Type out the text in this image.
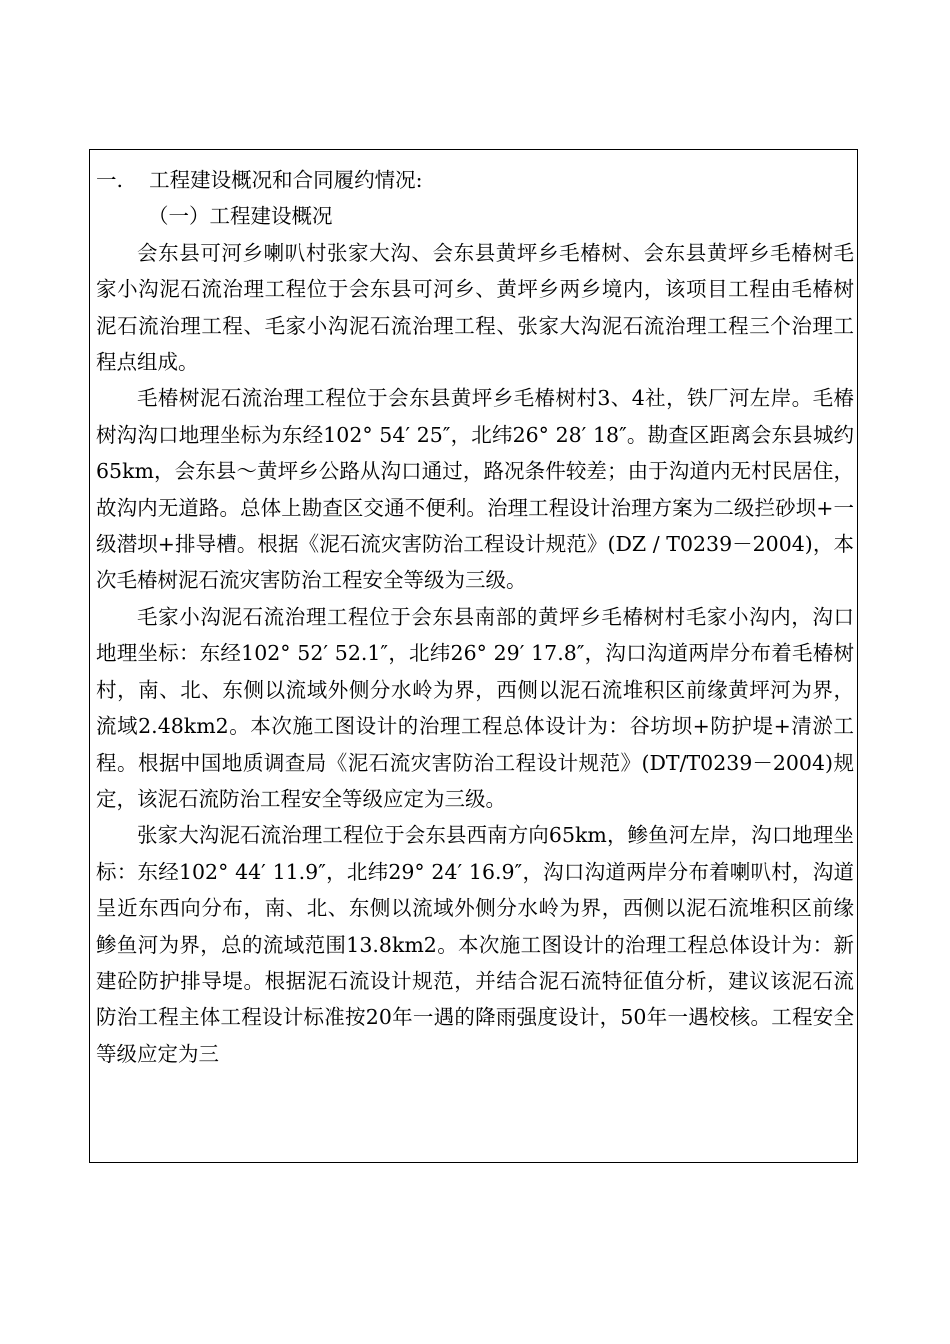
一. 工程建设概况和合同履约情况:

（一）工程建设概况

会东县可河乡喇叭村张家大沟、会东县黄坪乡毛椿树、会东县黄坪乡毛椿树毛家小沟泥石流治理工程位于会东县可河乡、黄坪乡两乡境内，该项目工程由毛椿树泥石流治理工程、毛家小沟泥石流治理工程、张家大沟泥石流治理工程三个治理工程点组成。

毛椿树泥石流治理工程位于会东县黄坪乡毛椿树村3、4社，铁厂河左岸。毛椿树沟沟口地理坐标为东经102° 54′ 25″，北纬26° 28′ 18″。勘查区距离会东县城约65km，会东县～黄坪乡公路从沟口通过，路况条件较差；由于沟道内无村民居住，故沟内无道路。总体上勘查区交通不便利。治理工程设计治理方案为二级拦砂坝+一级潜坝+排导槽。根据《泥石流灾害防治工程设计规范》(DZ / T0239－2004)，本次毛椿树泥石流灾害防治工程安全等级为三级。

毛家小沟泥石流治理工程位于会东县南部的黄坪乡毛椿树村毛家小沟内，沟口地理坐标：东经102° 52′ 52.1″，北纬26° 29′ 17.8″，沟口沟道两岸分布着毛椿树村，南、北、东侧以流域外侧分水岭为界，西侧以泥石流堆积区前缘黄坪河为界，流域2.48km2。本次施工图设计的治理工程总体设计为：谷坊坝+防护堤+清淤工程。根据中国地质调查局《泥石流灾害防治工程设计规范》(DT/T0239－2004)规定，该泥石流防治工程安全等级应定为三级。

张家大沟泥石流治理工程位于会东县西南方向65km，鲹鱼河左岸，沟口地理坐标：东经102° 44′ 11.9″，北纬29° 24′ 16.9″，沟口沟道两岸分布着喇叭村，沟道呈近东西向分布，南、北、东侧以流域外侧分水岭为界，西侧以泥石流堆积区前缘鲹鱼河为界，总的流域范围13.8km2。本次施工图设计的治理工程总体设计为：新建砼防护排导堤。根据泥石流设计规范，并结合泥石流特征值分析，建议该泥石流防治工程主体工程设计标准按20年一遇的降雨强度设计，50年一遇校核。工程安全等级应定为三
